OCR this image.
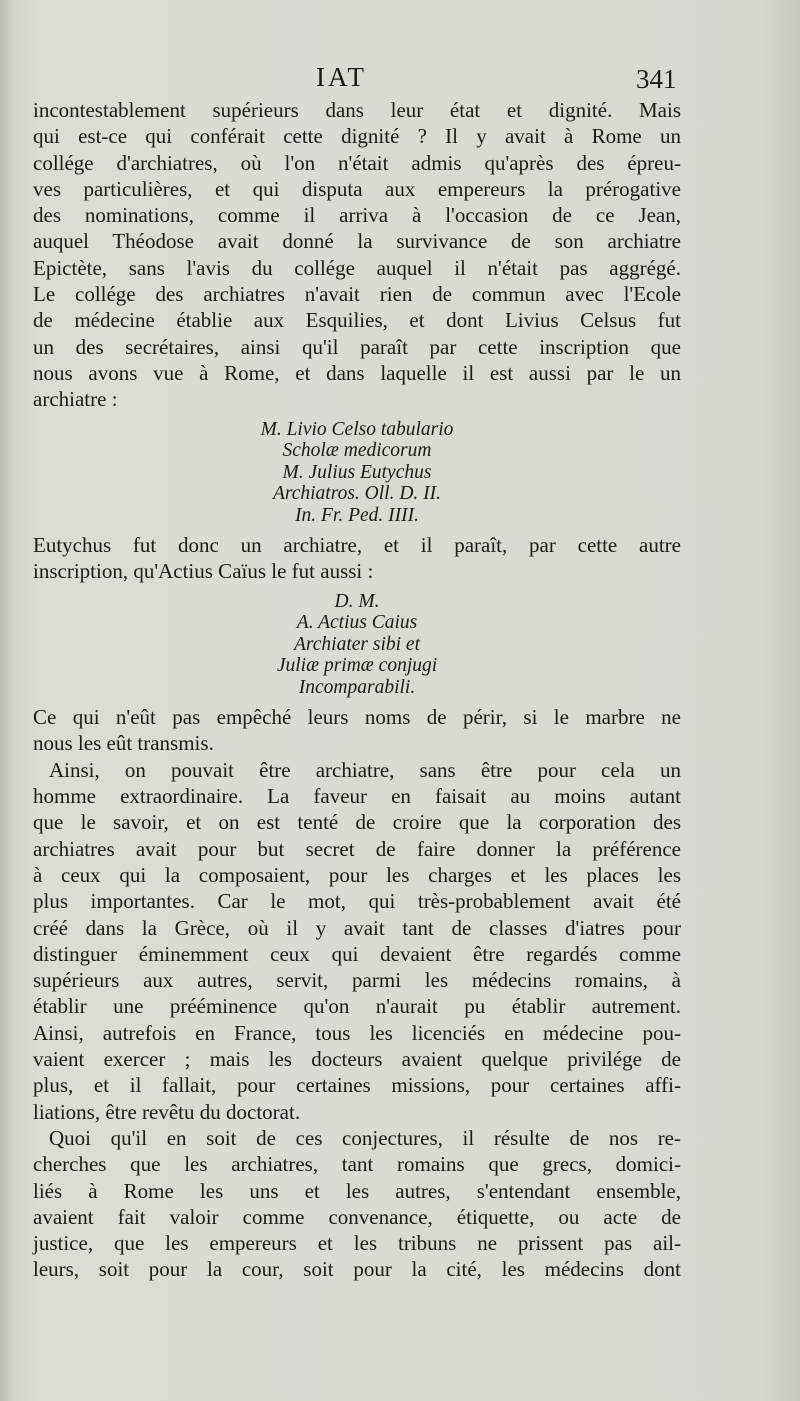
IAT	341
incontestablement supérieurs dans leur état et dignité. Mais
qui est-ce qui conférait cette dignité ? Il y avait à Rome un
collége d'archiatres, où l'on n'était admis qu'après des épreu-
ves particulières, et qui disputa aux empereurs la prérogative
des nominations, comme il arriva à l'occasion de ce Jean,
auquel Théodose avait donné la survivance de son archiatre
Epictète, sans l'avis du collége auquel il n'était pas aggrégé.
Le collége des archiatres n'avait rien de commun avec l'Ecole
de médecine établie aux Esquilies, et dont Livius Celsus fut
un des secrétaires, ainsi qu'il paraît par cette inscription que
nous avons vue à Rome, et dans laquelle il est aussi par le un
archiatre :
M. Livio Celso tabulario
Scholæ medicorum
M. Julius Eutychus
Archiatros. Oll. D. II.
In. Fr. Ped. IIII.
Eutychus fut donc un archiatre, et il paraît, par cette autre
inscription, qu'Actius Caïus le fut aussi :
D. M.
A. Actius Caius
Archiater sibi et
Juliæ primæ conjugi
Incomparabili.
Ce qui n'eût pas empêché leurs noms de périr, si le marbre ne
nous les eût transmis.
Ainsi, on pouvait être archiatre, sans être pour cela un
homme extraordinaire. La faveur en faisait au moins autant
que le savoir, et on est tenté de croire que la corporation des
archiatres avait pour but secret de faire donner la préférence
à ceux qui la composaient, pour les charges et les places les
plus importantes. Car le mot, qui très-probablement avait été
créé dans la Grèce, où il y avait tant de classes d'iatres pour
distinguer éminemment ceux qui devaient être regardés comme
supérieurs aux autres, servit, parmi les médecins romains, à
établir une prééminence qu'on n'aurait pu établir autrement.
Ainsi, autrefois en France, tous les licenciés en médecine pou-
vaient exercer ; mais les docteurs avaient quelque privilége de
plus, et il fallait, pour certaines missions, pour certaines affi-
liations, être revêtu du doctorat.
Quoi qu'il en soit de ces conjectures, il résulte de nos re-
cherches que les archiatres, tant romains que grecs, domici-
liés à Rome les uns et les autres, s'entendant ensemble,
avaient fait valoir comme convenance, étiquette, ou acte de
justice, que les empereurs et les tribuns ne prissent pas ail-
leurs, soit pour la cour, soit pour la cité, les médecins dont
